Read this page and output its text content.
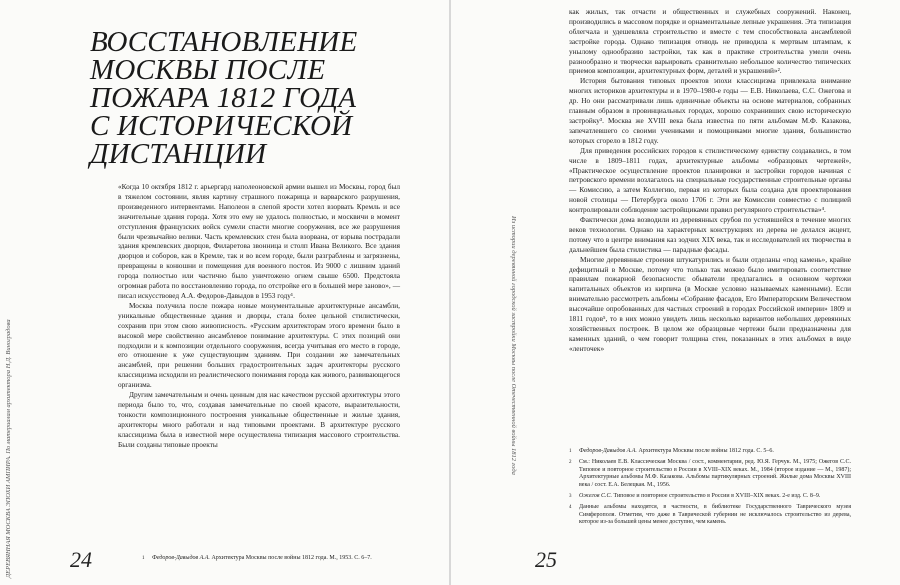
ВОССТАНОВЛЕНИЕ
МОСКВЫ ПОСЛЕ
ПОЖАРА 1812 ГОДА
С ИСТОРИЧЕСКОЙ
ДИСТАНЦИИ

«Когда 10 октября 1812 г. арьергард наполеоновской армии вышел из Москвы, город был в тяжелом состоянии, являя картину страшного пожарища и варварского разрушения, произведенного интервентами. Наполеон в слепой ярости хотел взорвать Кремль и все значительные здания города. Хотя это ему не удалось полностью, и москвичи в момент отступления французских войск сумели спасти многие сооружения, все же разрушения были чрезвычайно велики. Часть кремлевских стен была взорвана, от взрыва пострадали здания кремлевских дворцов, Филаретова звонница и столп Ивана Великого. Все здания дворцов и соборов, как в Кремле, так и во всем городе, были разграблены и загрязнены, превращены в конюшни и помещения для военного постоя. Из 9000 с лишним зданий города полностью или частично было уничтожено огнем свыше 6500. Предстояла огромная работа по восстановлению города, по отстройке его в большей мере заново», — писал искусствовед А.А. Федоров-Давыдов в 1953 году¹.

Москва получила после пожара новые монументальные архитектурные ансамбли, уникальные общественные здания и дворцы, стала более цельной стилистически, сохранив при этом свою живописность. «Русским архитекторам этого времени было в высокой мере свойственно ансамблевое понимание архитектуры. С этих позиций они подходили и к композиции отдельного сооружения, всегда учитывая его место в городе, его отношение к уже существующим зданиям. При создании же замечательных ансамблей, при решении больших градостроительных задач архитекторы русского классицизма исходили из реалистического понимания города как живого, развивающегося организма.

Другим замечательным и очень ценным для нас качеством русской архитектуры этого периода было то, что, создавая замечательные по своей красоте, выразительности, тонкости композиционного построения уникальные общественные и жилые здания, архитекторы много работали и над типовыми проектами. В архитектуре русского классицизма была в известной мере осуществлена типизация массового строительства. Были созданы типовые проекты

1 Федоров-Давыдов А.А. Архитектура Москвы после войны 1812 года. М., 1953. С. 6–7.

24
ДЕРЕВЯННАЯ МОСКВА ЭПОХИ АМПИРА. По материалам архитектора Н.Д. Виноградова

как жилых, так отчасти и общественных и служебных сооружений. Наконец, производились в массовом порядке и орнаментальные лепные украшения. Эта типизация облегчала и удешевляла строительство и вместе с тем способствовала ансамблевой застройке города. Однако типизация отнюдь не приводила к мертвым штампам, к унылому однообразию застройки, так как в практике строительства умели очень разнообразно и творчески варьировать сравнительно небольшое количество типических приемов композиции, архитектурных форм, деталей и украшений»².

История бытования типовых проектов эпохи классицизма привлекала внимание многих историков архитектуры и в 1970–1980-е годы — Е.В. Николаева, С.С. Ожегова и др. Но они рассматривали лишь единичные объекты на основе материалов, собранных главным образом в провинциальных городах, хорошо сохранивших свою историческую застройку³. Москва же XVIII века была известна по пяти альбомам М.Ф. Казакова, запечатлевшего со своими учениками и помощниками многие здания, большинство которых сгорело в 1812 году.

Для приведения российских городов к стилистическому единству создавались, в том числе в 1809–1811 годах, архитектурные альбомы «образцовых чертежей», «Практическое осуществление проектов планировки и застройки городов начиная с петровского времени возлагалось на специальные государственные строительные органы — Комиссию, а затем Коллегию, первая из которых была создана для проектирования новой столицы — Петербурга около 1706 г. Эти же Комиссии совместно с полицией контролировали соблюдение застройщиками правил регулярного строительства»⁴.

Фактически дома возводили из деревянных срубов по устоявшейся в течение многих веков технологии. Однако на характерных конструкциях из дерева не делался акцент, потому что в центре внимания каз зодчих XIX века, так и исследователей их творчества в дальнейшем была стилистика — парадные фасады.

Многие деревянные строения штукатурились и были отделаны «под камень», крайне дефицитный в Москве, потому что только так можно было имитировать соответствие правилам пожарной безопасности: обыватели предлагались в основном чертежи капитальных объектов из кирпича (в Москве условно называемых каменными). Если внимательно рассмотреть альбомы «Собрание фасадов, Его Императорским Величеством высочайше опробованных для частных строений в городах Российской империи» 1809 и 1811 годов⁵, то в них можно увидеть лишь несколько вариантов небольших деревянных хозяйственных построек. В целом же образцовые чертежи были предназначены для каменных зданий, о чем говорит толщина стен, показанных в этих альбомах в виде «ленточек»

1 Федоров-Давыдов А.А. Архитектура Москвы после войны 1812 года. С. 5–6.

2 См.: Николаев Е.В. Классическая Москва / сост., комментарии, ред. Ю.Я. Герчук. М., 1975; Ожегов С.С. Типовое и повторное строительство в России в XVIII–XIX веках. М., 1984 (второе издание — М., 1987); Архитектурные альбомы М.Ф. Казакова. Альбомы партикулярных строений. Жилые дома Москвы XVIII века / сост. Е.А. Белецкая. М., 1956.

3 Ожегов С.С. Типовое и повторное строительство в России в XVIII–XIX веках. 2-е изд. С. 8–9.

4 Данные альбомы находятся, в частности, в библиотеке Государственного Таврического музея Симферополя. Отметим, что даже в Таврической губернии не исключалось строительство из дерева, которое из-за большей цены менее доступно, чем камень.

25
Из истории деревянной городской застройки Москвы после Отечественной войны 1812 года
